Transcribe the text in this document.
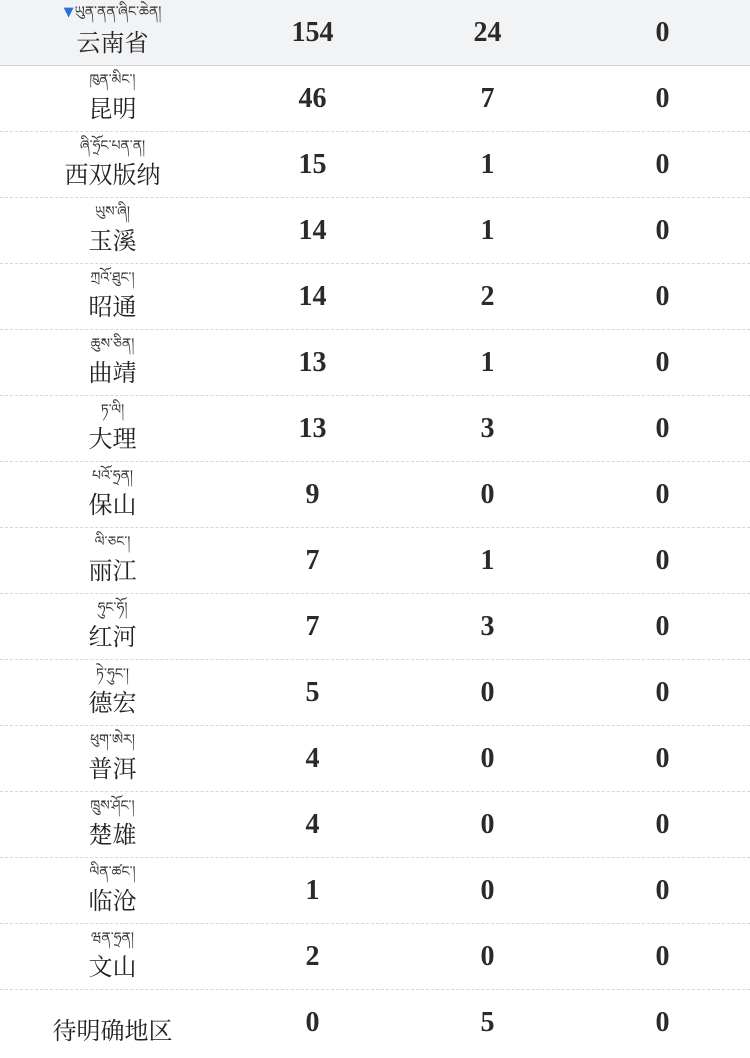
▼ཡུན་ནན་ཞིང་ཆེན།
云南省	154	24	0
ཁུན་མིང་།
昆明	46	7	0
ཞི་ཧྲོང་པན་ན།
西双版纳	15	1	0
ཡུས་ཞི།
玉溪	14	1	0
ཀྲའོ་ཐུང་།
昭通	14	2	0
ཆུས་ཅིན།
曲靖	13	1	0
ཏ་ལི།
大理	13	3	0
པའོ་ཧྲན།
保山	9	0	0
ལི་ཅང་།
丽江	7	1	0
ཧུང་ཧོ།
红河	7	3	0
ཏེ་ཧུང་།
德宏	5	0	0
ཕུག་ཨེར།
普洱	4	0	0
ཁྲུས་ཤོང་།
楚雄	4	0	0
ལིན་ཚང་།
临沧	1	0	0
ཝན་ཧྲན།
文山	2	0	0
待明确地区	0	5	0
